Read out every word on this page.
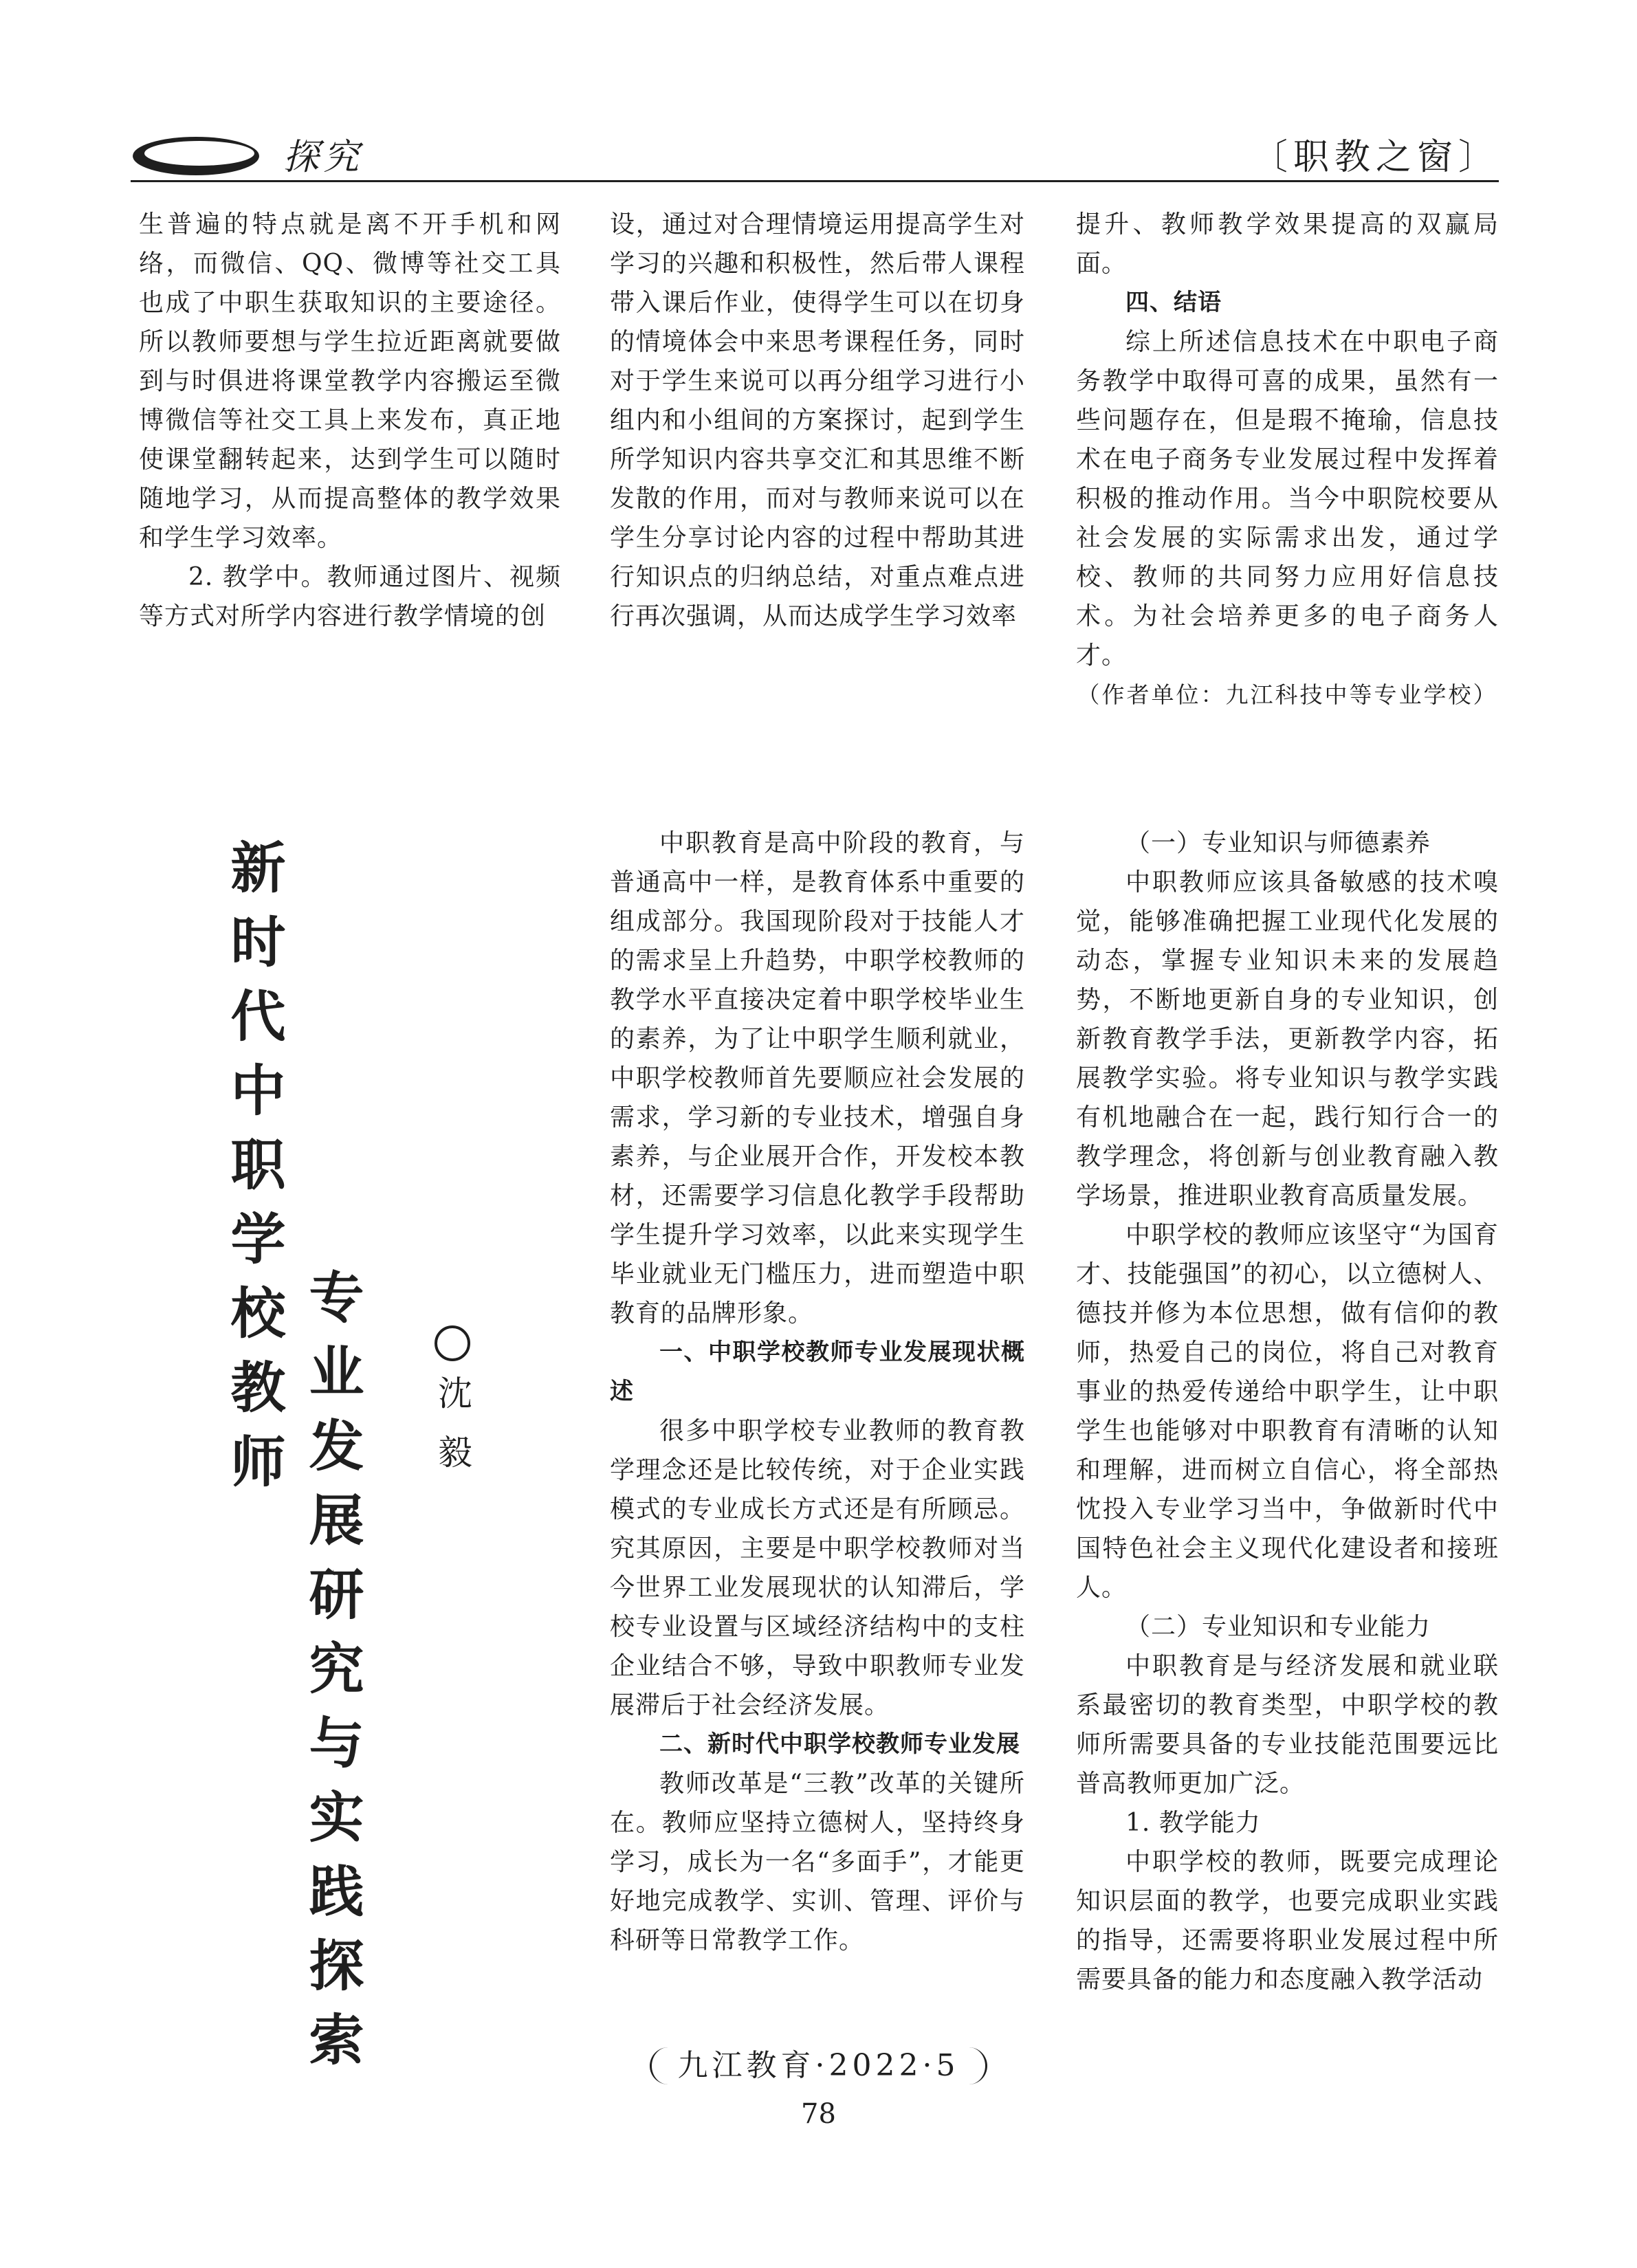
探究	〔职教之窗〕

生普遍的特点就是离不开手机和网络，而微信、QQ、微博等社交工具也成了中职生获取知识的主要途径。所以教师要想与学生拉近距离就要做到与时俱进将课堂教学内容搬运至微博微信等社交工具上来发布，真正地使课堂翻转起来，达到学生可以随时随地学习，从而提高整体的教学效果和学生学习效率。

2. 教学中。教师通过图片、视频等方式对所学内容进行教学情境的创

设，通过对合理情境运用提高学生对学习的兴趣和积极性，然后带人课程带入课后作业，使得学生可以在切身的情境体会中来思考课程任务，同时对于学生来说可以再分组学习进行小组内和小组间的方案探讨，起到学生所学知识内容共享交汇和其思维不断发散的作用，而对与教师来说可以在学生分享讨论内容的过程中帮助其进行知识点的归纳总结，对重点难点进行再次强调，从而达成学生学习效率

提升、教师教学效果提高的双赢局面。

四、结语

综上所述信息技术在中职电子商务教学中取得可喜的成果，虽然有一些问题存在，但是瑕不掩瑜，信息技术在电子商务专业发展过程中发挥着积极的推动作用。当今中职院校要从社会发展的实际需求出发，通过学校、教师的共同努力应用好信息技术。为社会培养更多的电子商务人才。

（作者单位：九江科技中等专业学校）

新时代中职学校教师
专业发展研究与实践探索 沈毅

中职教育是高中阶段的教育，与普通高中一样，是教育体系中重要的组成部分。我国现阶段对于技能人才的需求呈上升趋势，中职学校教师的教学水平直接决定着中职学校毕业生的素养，为了让中职学生顺利就业，中职学校教师首先要顺应社会发展的需求，学习新的专业技术，增强自身素养，与企业展开合作，开发校本教材，还需要学习信息化教学手段帮助学生提升学习效率，以此来实现学生毕业就业无门槛压力，进而塑造中职教育的品牌形象。

一、中职学校教师专业发展现状概述

很多中职学校专业教师的教育教学理念还是比较传统，对于企业实践模式的专业成长方式还是有所顾忌。究其原因，主要是中职学校教师对当今世界工业发展现状的认知滞后，学校专业设置与区域经济结构中的支柱企业结合不够，导致中职教师专业发展滞后于社会经济发展。

二、新时代中职学校教师专业发展

教师改革是“三教”改革的关键所在。教师应坚持立德树人，坚持终身学习，成长为一名“多面手”，才能更好地完成教学、实训、管理、评价与科研等日常教学工作。

（一）专业知识与师德素养

中职教师应该具备敏感的技术嗅觉，能够准确把握工业现代化发展的动态，掌握专业知识未来的发展趋势，不断地更新自身的专业知识，创新教育教学手法，更新教学内容，拓展教学实验。将专业知识与教学实践有机地融合在一起，践行知行合一的教学理念，将创新与创业教育融入教学场景，推进职业教育高质量发展。

中职学校的教师应该坚守“为国育才、技能强国”的初心，以立德树人、德技并修为本位思想，做有信仰的教师，热爱自己的岗位，将自己对教育事业的热爱传递给中职学生，让中职学生也能够对中职教育有清晰的认知和理解，进而树立自信心，将全部热忱投入专业学习当中，争做新时代中国特色社会主义现代化建设者和接班人。

（二）专业知识和专业能力

中职教育是与经济发展和就业联系最密切的教育类型，中职学校的教师所需要具备的专业技能范围要远比普高教师更加广泛。

1. 教学能力

中职学校的教师，既要完成理论知识层面的教学，也要完成职业实践的指导，还需要将职业发展过程中所需要具备的能力和态度融入教学活动

九江教育·2022·5
78
